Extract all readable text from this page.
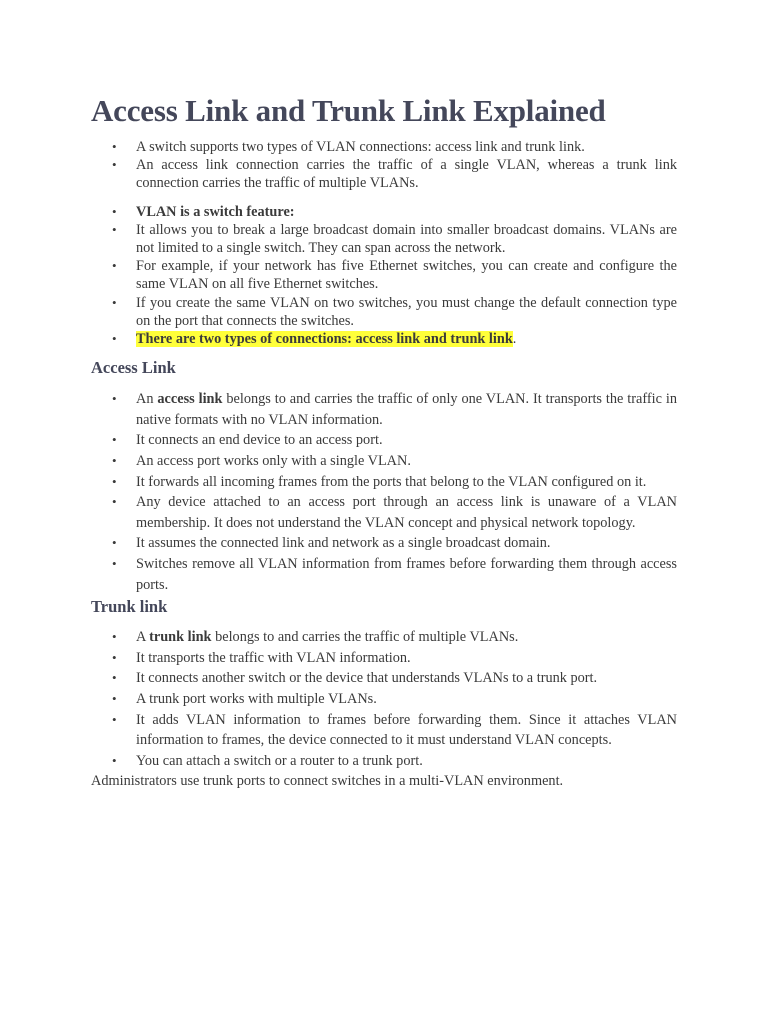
Access Link and Trunk Link Explained
• A switch supports two types of VLAN connections: access link and trunk link.
• An access link connection carries the traffic of a single VLAN, whereas a trunk link connection carries the traffic of multiple VLANs.
• VLAN is a switch feature:
• It allows you to break a large broadcast domain into smaller broadcast domains. VLANs are not limited to a single switch. They can span across the network.
• For example, if your network has five Ethernet switches, you can create and configure the same VLAN on all five Ethernet switches.
• If you create the same VLAN on two switches, you must change the default connection type on the port that connects the switches.
• There are two types of connections: access link and trunk link.
Access Link
• An access link belongs to and carries the traffic of only one VLAN. It transports the traffic in native formats with no VLAN information.
• It connects an end device to an access port.
• An access port works only with a single VLAN.
• It forwards all incoming frames from the ports that belong to the VLAN configured on it.
• Any device attached to an access port through an access link is unaware of a VLAN membership. It does not understand the VLAN concept and physical network topology.
• It assumes the connected link and network as a single broadcast domain.
• Switches remove all VLAN information from frames before forwarding them through access ports.
Trunk link
• A trunk link belongs to and carries the traffic of multiple VLANs.
• It transports the traffic with VLAN information.
• It connects another switch or the device that understands VLANs to a trunk port.
• A trunk port works with multiple VLANs.
• It adds VLAN information to frames before forwarding them. Since it attaches VLAN information to frames, the device connected to it must understand VLAN concepts.
• You can attach a switch or a router to a trunk port.

Administrators use trunk ports to connect switches in a multi-VLAN environment.
